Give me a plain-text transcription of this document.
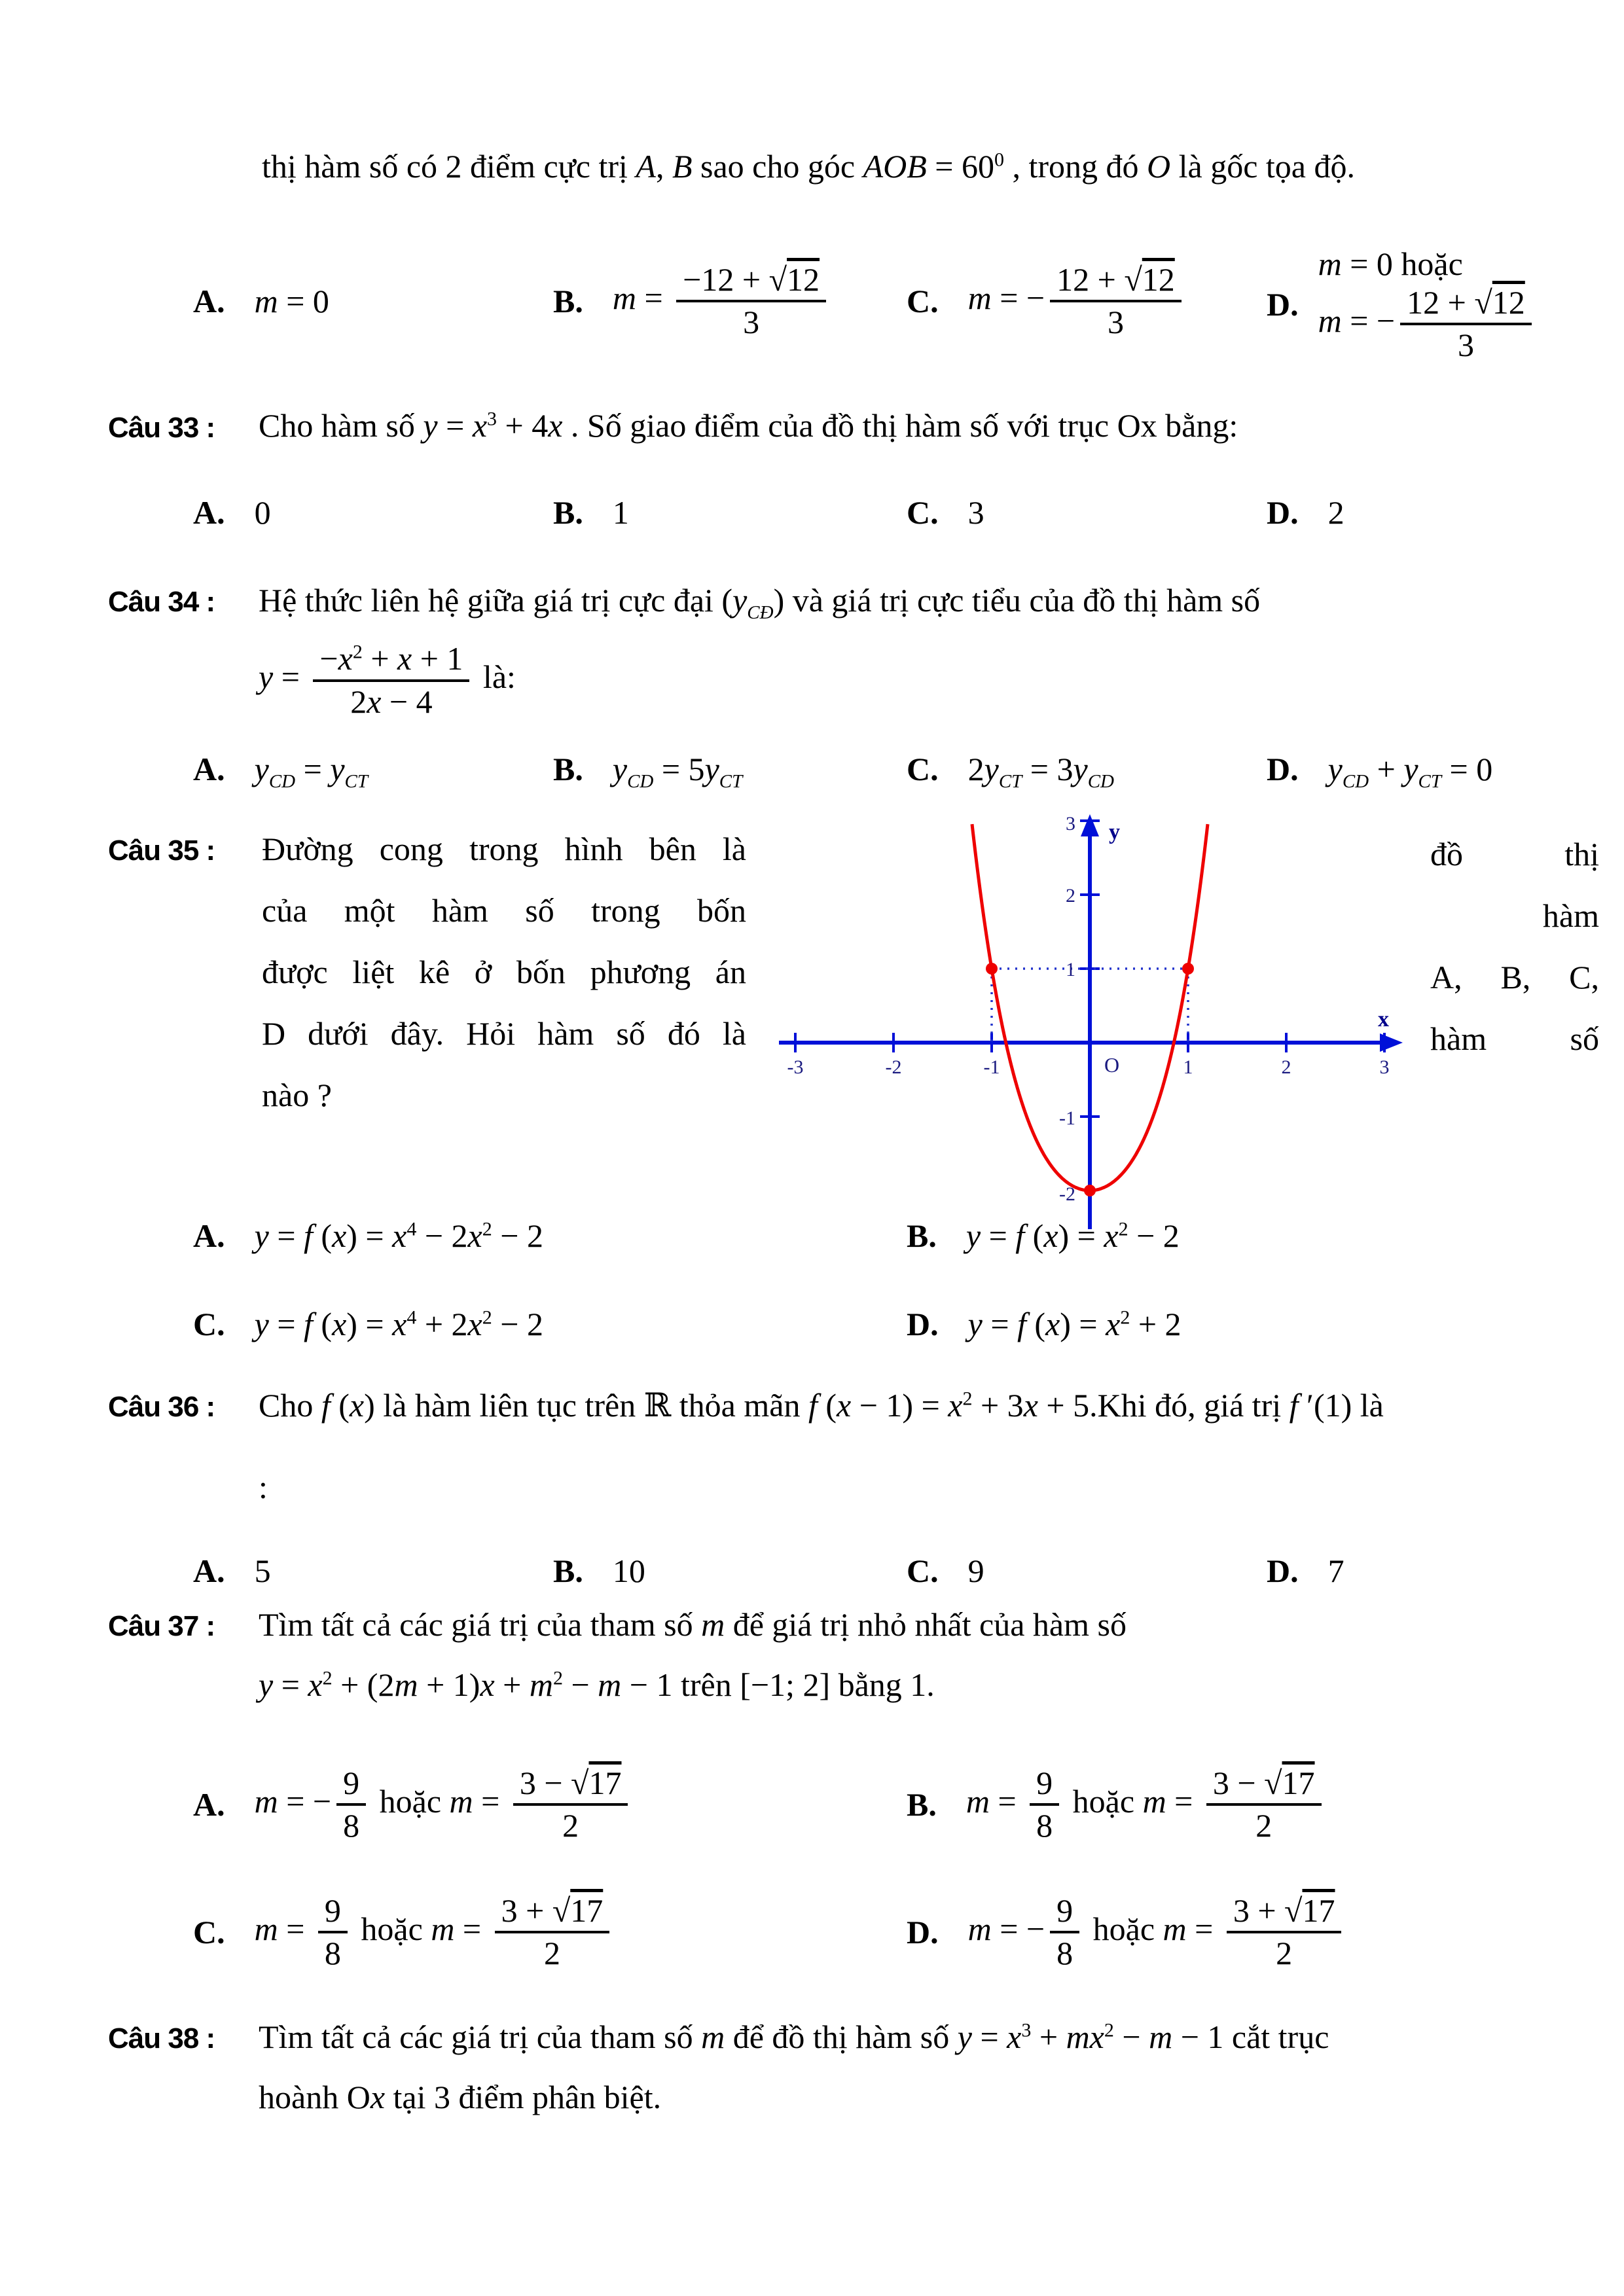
thị hàm số có 2 điểm cực trị A, B sao cho góc AOB = $60^0$ , trong đó O là gốc tọa độ.
A. m = 0	B. $m = \frac{-12 + √12}{3} C$. m = − $\frac{12 + √12}{3}$	D.
m = 0 hoặc
m = − $\frac{12 + √12}{3}$
Câu 33 : Cho hàm số $y = x^3 + 4x$ . Số giao điểm của đồ thị hàm số với trục Ox bằng:
A. 0	B. 1	C. 3	D. 2
Câu 34 : Hệ thức liên hệ giữa giá trị cực đại $(y_{CĐ})$ và giá trị cực tiểu của đồ thị hàm số
$y = \frac{-x^2 + x + 1}{2x - 4}$ là:
A. $y_{CD} = y_{CT}$	B. $y_{CD} = 5y_{CT}$	C. $2y_{CT} = 3y_{CD}$	D. $y_{CD} + y_{CT} = 0$
Câu 35 : Đường cong trong hình bên là
của một hàm số trong bốn
được liệt kê ở bốn phương án
D dưới đây. Hỏi hàm số đó là
nào ?
đồ thị
hàm
A, B, C,
hàm số
-3	-2	-1	1	2	3
O
3
2
1
-1
-2
x
y
A. y = f $(x) = x^4 - 2x^2 - 2$	B. y = f $(x) = x^2 - 2$
C. y = f $(x) = x^4 + 2x^2 - 2$	D. y = f $(x) = x^2 + 2$
Câu 36 : Cho f (x) là hàm liên tục trên ℝ thỏa mãn f $(x - 1) = x^2 + 3x + 5.Khi$ đó, giá trị f ′(1) là
:
A. 5	B. 10	C. 9	D. 7
Câu 37 : Tìm tất cả các giá trị của tham số m để giá trị nhỏ nhất của hàm số
$y = x^2 + (2m + 1)x + m^2 - m - 1$ trên [−1; 2] bằng 1.
A. m = − $\frac{9}{8}$ hoặc $m = \frac{3 - √17}{2}$	B. $m = \frac{9}{8}$ hoặc $m = \frac{3 - √17}{2}$
C. $m = \frac{9}{8}$ hoặc $m = \frac{3 + √17}{2}$	D. m = − $\frac{9}{8}$ hoặc $m = \frac{3 + √17}{2}$
Câu 38 : Tìm tất cả các giá trị của tham số m để đồ thị hàm số $y = x^3 + mx^2 - m - 1$ cắt trục
hoành Ox tại 3 điểm phân biệt.
